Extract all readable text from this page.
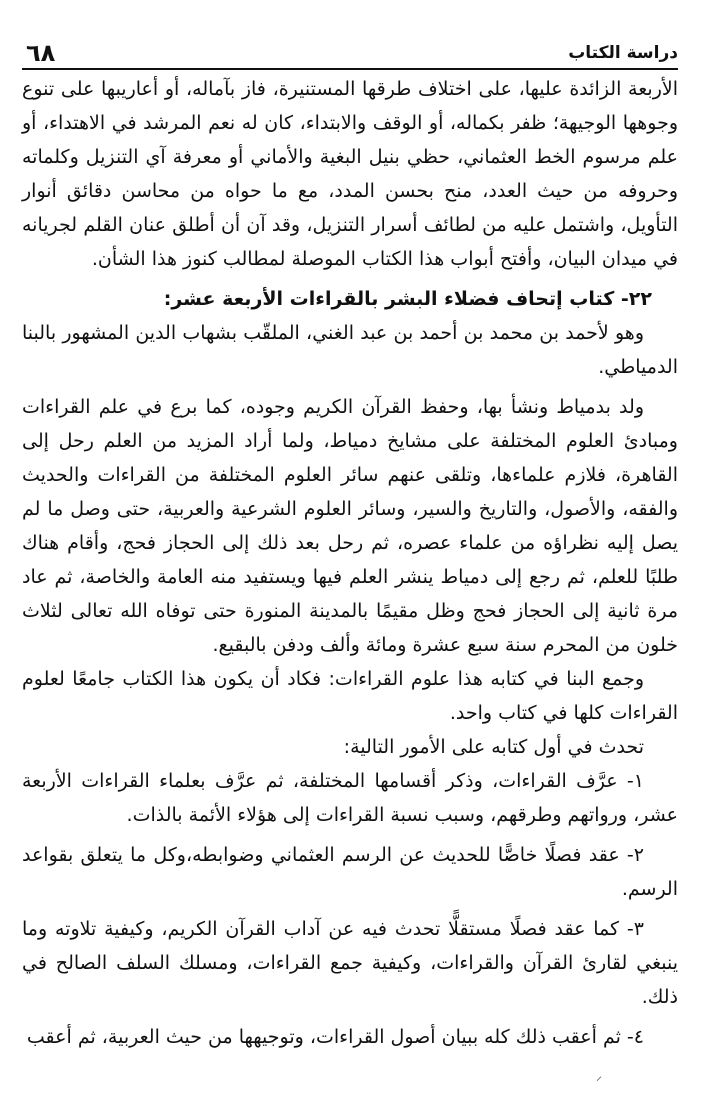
دراسة الكتاب
٦٨

الأربعة الزائدة عليها، على اختلاف طرقها المستنيرة، فاز بآماله، أو أعاريبها على تنوع وجوهها الوجيهة؛ ظفر بكماله، أو الوقف والابتداء، كان له نعم المرشد في الاهتداء، أو علم مرسوم الخط العثماني، حظي بنيل البغية والأماني أو معرفة آي التنزيل وكلماته وحروفه من حيث العدد، منح بحسن المدد، مع ما حواه من محاسن دقائق أنوار التأويل، واشتمل عليه من لطائف أسرار التنزيل، وقد آن أن أطلق عنان القلم لجريانه في ميدان البيان، وأفتح أبواب هذا الكتاب الموصلة لمطالب كنوز هذا الشأن.

٢٢- كتاب إتحاف فضلاء البشر بالقراءات الأربعة عشر:

وهو لأحمد بن محمد بن أحمد بن عبد الغني، الملقّب بشهاب الدين المشهور بالبنا الدمياطي.

ولد بدمياط ونشأ بها، وحفظ القرآن الكريم وجوده، كما برع في علم القراءات ومبادئ العلوم المختلفة على مشايخ دمياط، ولما أراد المزيد من العلم رحل إلى القاهرة، فلازم علماءها، وتلقى عنهم سائر العلوم المختلفة من القراءات والحديث والفقه، والأصول، والتاريخ والسير، وسائر العلوم الشرعية والعربية، حتى وصل ما لم يصل إليه نظراؤه من علماء عصره، ثم رحل بعد ذلك إلى الحجاز فحج، وأقام هناك طلبًا للعلم، ثم رجع إلى دمياط ينشر العلم فيها ويستفيد منه العامة والخاصة، ثم عاد مرة ثانية إلى الحجاز فحج وظل مقيمًا بالمدينة المنورة حتى توفاه الله تعالى لثلاث خلون من المحرم سنة سبع عشرة ومائة وألف ودفن بالبقيع.

وجمع البنا في كتابه هذا علوم القراءات: فكاد أن يكون هذا الكتاب جامعًا لعلوم القراءات كلها في كتاب واحد.

تحدث في أول كتابه على الأمور التالية:

١- عرَّف القراءات، وذكر أقسامها المختلفة، ثم عرَّف بعلماء القراءات الأربعة عشر، ورواتهم وطرقهم، وسبب نسبة القراءات إلى هؤلاء الأئمة بالذات.

٢- عقد فصلًا خاصًّا للحديث عن الرسم العثماني وضوابطه،وكل ما يتعلق بقواعد الرسم.

٣- كما عقد فصلًا مستقلًّا تحدث فيه عن آداب القرآن الكريم، وكيفية تلاوته وما ينبغي لقارئ القرآن والقراءات، وكيفية جمع القراءات، ومسلك السلف الصالح في ذلك.

٤- ثم أعقب ذلك كله ببيان أصول القراءات، وتوجيهها من حيث العربية، ثم أعقب

⸌
